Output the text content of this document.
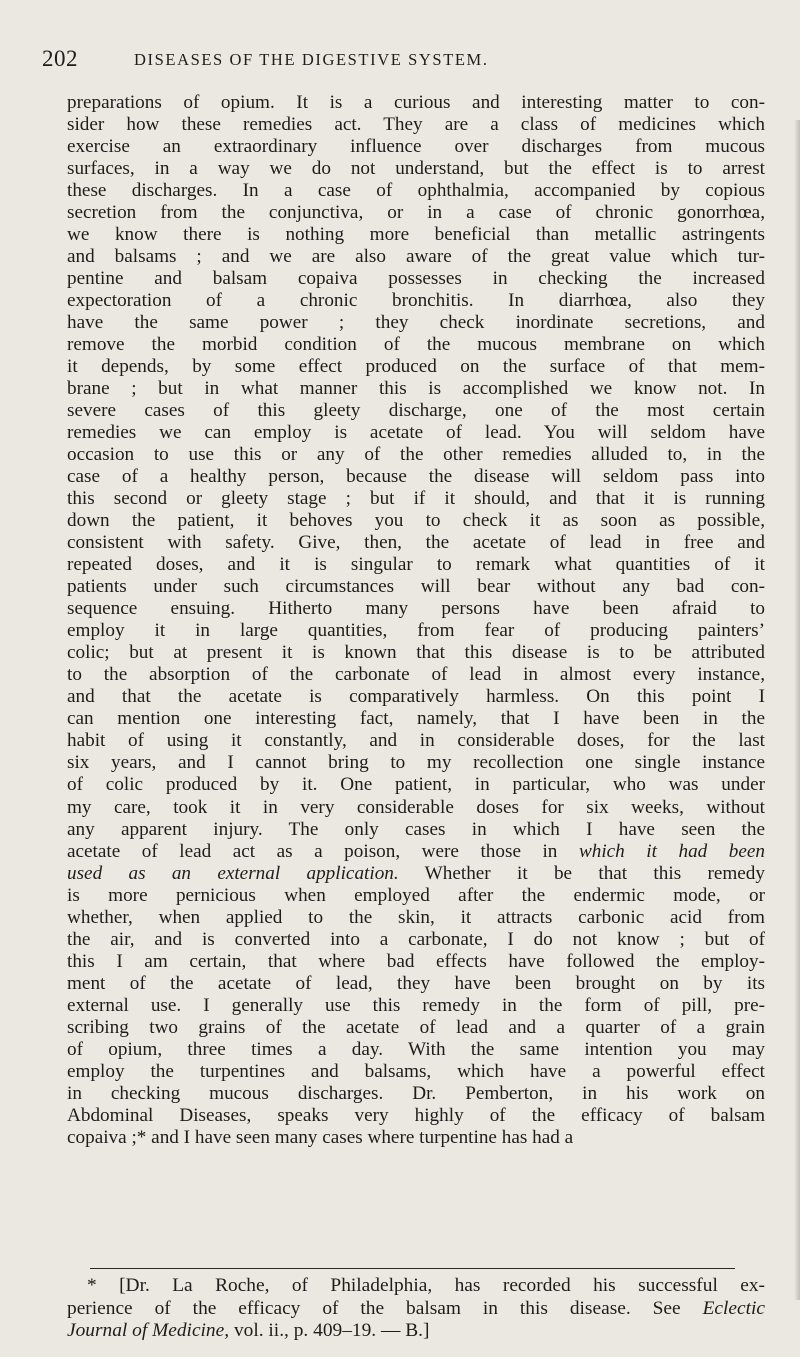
202	DISEASES OF THE DIGESTIVE SYSTEM.
preparations of opium. It is a curious and interesting matter to con-
sider how these remedies act. They are a class of medicines which
exercise an extraordinary influence over discharges from mucous
surfaces, in a way we do not understand, but the effect is to arrest
these discharges. In a case of ophthalmia, accompanied by copious
secretion from the conjunctiva, or in a case of chronic gonorrhœa,
we know there is nothing more beneficial than metallic astringents
and balsams ; and we are also aware of the great value which tur-
pentine and balsam copaiva possesses in checking the increased
expectoration of a chronic bronchitis. In diarrhœa, also they
have the same power ; they check inordinate secretions, and
remove the morbid condition of the mucous membrane on which
it depends, by some effect produced on the surface of that mem-
brane ; but in what manner this is accomplished we know not. In
severe cases of this gleety discharge, one of the most certain
remedies we can employ is acetate of lead. You will seldom have
occasion to use this or any of the other remedies alluded to, in the
case of a healthy person, because the disease will seldom pass into
this second or gleety stage ; but if it should, and that it is running
down the patient, it behoves you to check it as soon as possible,
consistent with safety. Give, then, the acetate of lead in free and
repeated doses, and it is singular to remark what quantities of it
patients under such circumstances will bear without any bad con-
sequence ensuing. Hitherto many persons have been afraid to
employ it in large quantities, from fear of producing painters’
colic; but at present it is known that this disease is to be attributed
to the absorption of the carbonate of lead in almost every instance,
and that the acetate is comparatively harmless. On this point I
can mention one interesting fact, namely, that I have been in the
habit of using it constantly, and in considerable doses, for the last
six years, and I cannot bring to my recollection one single instance
of colic produced by it. One patient, in particular, who was under
my care, took it in very considerable doses for six weeks, without
any apparent injury. The only cases in which I have seen the
acetate of lead act as a poison, were those in which it had been
used as an external application. Whether it be that this remedy
is more pernicious when employed after the endermic mode, or
whether, when applied to the skin, it attracts carbonic acid from
the air, and is converted into a carbonate, I do not know ; but of
this I am certain, that where bad effects have followed the employ-
ment of the acetate of lead, they have been brought on by its
external use. I generally use this remedy in the form of pill, pre-
scribing two grains of the acetate of lead and a quarter of a grain
of opium, three times a day. With the same intention you may
employ the turpentines and balsams, which have a powerful effect
in checking mucous discharges. Dr. Pemberton, in his work on
Abdominal Diseases, speaks very highly of the efficacy of balsam
copaiva ;* and I have seen many cases where turpentine has had a
* [Dr. La Roche, of Philadelphia, has recorded his successful ex-
perience of the efficacy of the balsam in this disease. See Eclectic
Journal of Medicine, vol. ii., p. 409–19. — B.]
